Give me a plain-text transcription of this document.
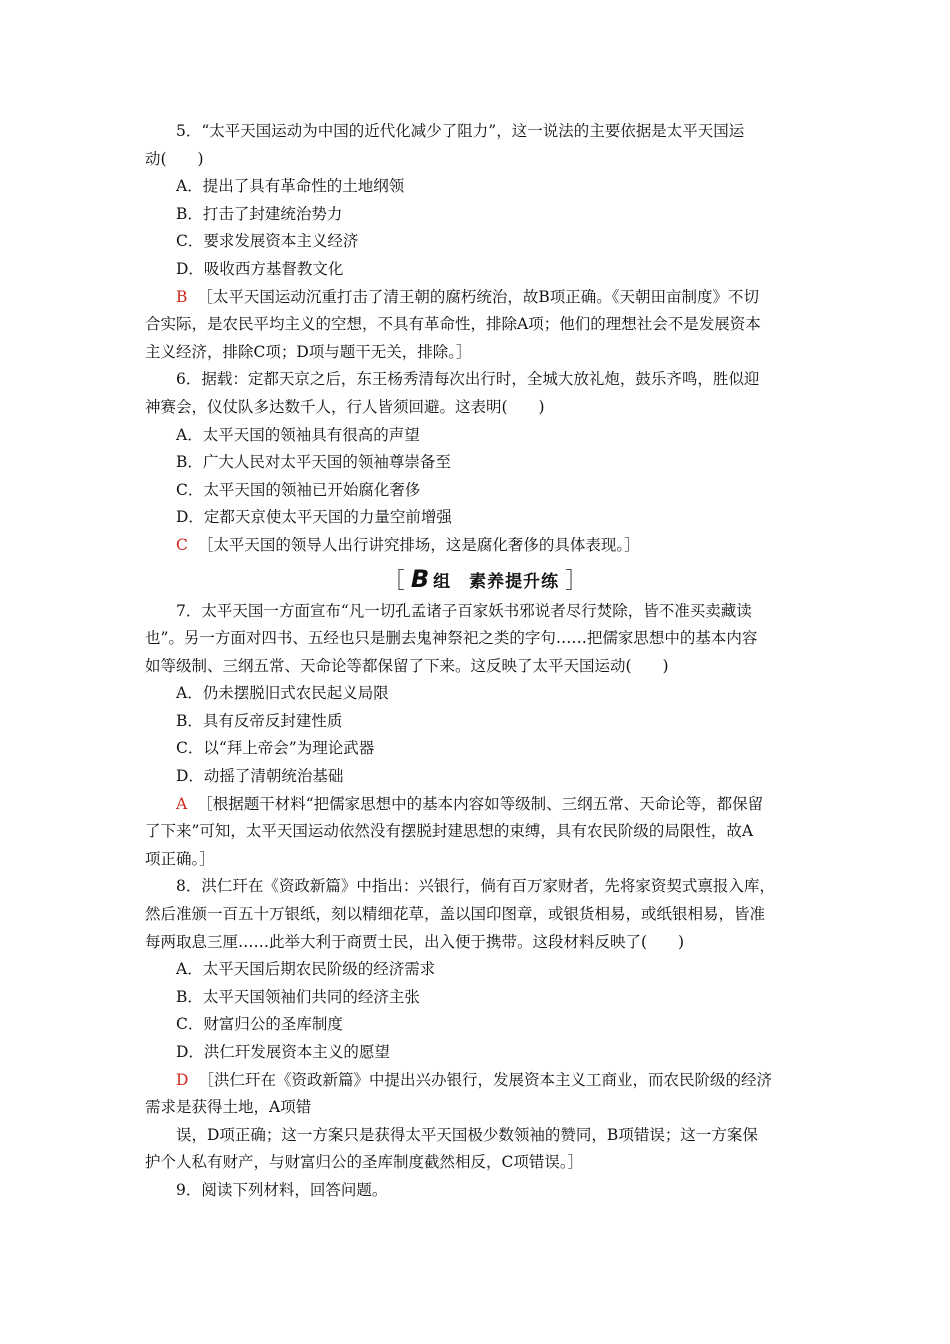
5．“太平天国运动为中国的近代化减少了阻力”，这一说法的主要依据是太平天国运
动(　　)
A．提出了具有革命性的土地纲领
B．打击了封建统治势力
C．要求发展资本主义经济
D．吸收西方基督教文化
B ［太平天国运动沉重打击了清王朝的腐朽统治，故B项正确。《天朝田亩制度》不切
合实际，是农民平均主义的空想，不具有革命性，排除A项；他们的理想社会不是发展资本
主义经济，排除C项；D项与题干无关，排除。］
6．据载：定都天京之后，东王杨秀清每次出行时，全城大放礼炮，鼓乐齐鸣，胜似迎
神赛会，仪仗队多达数千人，行人皆须回避。这表明(　　)
A．太平天国的领袖具有很高的声望
B．广大人民对太平天国的领袖尊崇备至
C．太平天国的领袖已开始腐化奢侈
D．定都天京使太平天国的力量空前增强
C ［太平天国的领导人出行讲究排场，这是腐化奢侈的具体表现。］
［ B 组　素养提升练 ］
7．太平天国一方面宣布“凡一切孔孟诸子百家妖书邪说者尽行焚除，皆不准买卖藏读
也”。另一方面对四书、五经也只是删去鬼神祭祀之类的字句……把儒家思想中的基本内容
如等级制、三纲五常、天命论等都保留了下来。这反映了太平天国运动(　　)
A．仍未摆脱旧式农民起义局限
B．具有反帝反封建性质
C．以“拜上帝会”为理论武器
D．动摇了清朝统治基础
A ［根据题干材料“把儒家思想中的基本内容如等级制、三纲五常、天命论等，都保留
了下来”可知，太平天国运动依然没有摆脱封建思想的束缚，具有农民阶级的局限性，故A
项正确。］
8．洪仁玕在《资政新篇》中指出：兴银行，倘有百万家财者，先将家资契式禀报入库，
然后准颁一百五十万银纸，刻以精细花草，盖以国印图章，或银货相易，或纸银相易，皆准
每两取息三厘……此举大利于商贾士民，出入便于携带。这段材料反映了(　　)
A．太平天国后期农民阶级的经济需求
B．太平天国领袖们共同的经济主张
C．财富归公的圣库制度
D．洪仁玕发展资本主义的愿望
D ［洪仁玕在《资政新篇》中提出兴办银行，发展资本主义工商业，而农民阶级的经济
需求是获得土地，A项错
误，D项正确；这一方案只是获得太平天国极少数领袖的赞同，B项错误；这一方案保
护个人私有财产，与财富归公的圣库制度截然相反，C项错误。］
9．阅读下列材料，回答问题。
